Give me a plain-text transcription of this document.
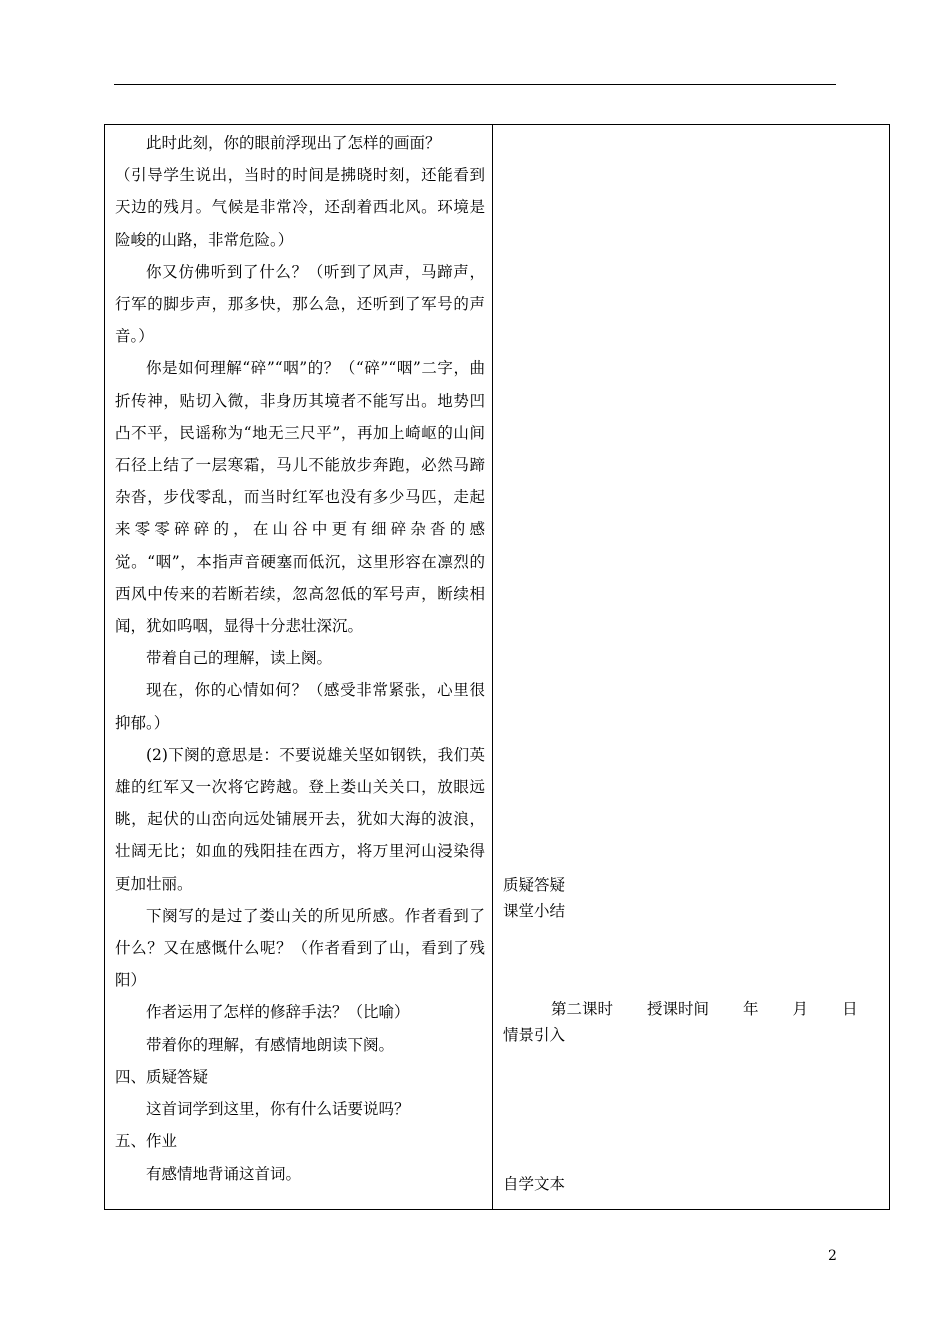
此时此刻，你的眼前浮现出了怎样的画面？

（引导学生说出，当时的时间是拂晓时刻，还能看到天边的残月。气候是非常冷，还刮着西北风。环境是险峻的山路，非常危险。）

你又仿佛听到了什么？（听到了风声，马蹄声，行军的脚步声，那多快，那么急，还听到了军号的声音。）

你是如何理解“碎”“咽”的？（“碎”“咽”二字，曲折传神，贴切入微，非身历其境者不能写出。地势凹凸不平，民谣称为“地无三尺平”，再加上崎岖的山间石径上结了一层寒霜，马儿不能放步奔跑，必然马蹄杂沓，步伐零乱，而当时红军也没有多少马匹，走起来零零碎碎的，在山谷中更有细碎杂沓的感觉。“咽”，本指声音硬塞而低沉，这里形容在凛烈的西风中传来的若断若续，忽高忽低的军号声，断续相闻，犹如呜咽，显得十分悲壮深沉。

带着自己的理解，读上阕。

现在，你的心情如何？（感受非常紧张，心里很抑郁。）

(2)下阕的意思是：不要说雄关坚如钢铁，我们英雄的红军又一次将它跨越。登上娄山关关口，放眼远眺，起伏的山峦向远处铺展开去，犹如大海的波浪，壮阔无比；如血的残阳挂在西方，将万里河山浸染得更加壮丽。

下阕写的是过了娄山关的所见所感。作者看到了什么？又在感慨什么呢？（作者看到了山，看到了残阳）

作者运用了怎样的修辞手法？（比喻）

带着你的理解，有感情地朗读下阕。

四、质疑答疑

这首词学到这里，你有什么话要说吗？

五、作业

有感情地背诵这首词。

质疑答疑
课堂小结
第二课时 授课时间 年 月 日
情景引入
自学文本
2
